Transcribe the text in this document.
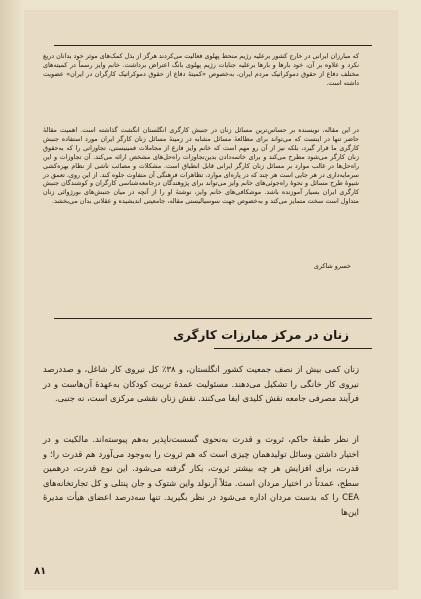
که مبارزان ایرانی در خارج کشور برعلیه رژیم منحط پهلوی فعالیت می‌کردند هرگز از بذل کمک‌های موثر خود بدانان دریغ نکرد و علاوه بر آن، خود بارها و بارها برعلیه جنایات رژیم پهلوی بانگ اعتراض برداشت. خانم وایز رسماً در کمیته‌های مختلف دفاع از حقوق دموکراتیک مردم ایران، به‌خصوص «کمیتهٔ دفاع از حقوق دموکراتیک کارگران در ایران» عضویت داشته است.
در این مقاله، نویسنده بر حساس‌ترین مسائل زنان در جنبش کارگری انگلستان انگشت گذاشته است. اهمیت مقالهٔ حاضر تنها در اینست که می‌تواند برای مطالعهٔ مسائل مشابه در زمینهٔ مسائل زنان کارگر ایران مورد استفاده جنبش کارگری ما قرار گیرد، بلکه نیز از آن رو مهم است که خانم وایز فارغ از مجاملات فمینیستی، تجاوزاتی را که به‌حقوق زنان کارگر می‌شود مطرح می‌کند و برای خاتمه‌دادن بدین‌تجاوزات راه‌حل‌های مشخص ارائه می‌کند. آن تجاوزات و این راه‌حل‌ها در غالب موارد بر مسائل زنان کارگر ایرانی قابل انطباق است. مشکلات و مصائب ناشی از نظام بهره‌کشی سرمایه‌داری در هر جایی است هر چند که در پاره‌ای موارد، تظاهرات فرهنگی آن متفاوت جلوه کند. از این روی، تعمق در شیوهٔ طرح مسائل و نحوهٔ راه‌جوئی‌های خانم وایز می‌تواند برای پژوهندگان درجامعه‌شناسی کارگران و کوشندگان جنبش کارگری ایران بسیار آموزنده باشد. موشکافی‌های خانم وایز، نوشتهٔ او را از آنچه در میان جنبش‌های بورژوائی زنان متداول است سخت متمایز می‌کند و به‌خصوص جهت سوسیالیستی مقاله، جامعیتی اندیشیده و عقلانی بدان می‌بخشد.
خسرو شاکری
زنان در مرکز مبارزات کارگری
زنان کمی بیش از نصف جمعیت کشور انگلستان، و ۳۸٪ کل نیروی کار شاغل، و صددرصد نیروی کار خانگی را تشکیل می‌دهند. مسئولیت عمدهٔ تربیت کودکان به‌عهدهٔ آن‌هاست و در فرآیند مصرفی جامعه نقش کلیدی ایفا می‌کنند. نقش زنان نقشی مرکزی است، نه جنبی.
از نظر طبقهٔ حاکم، ثروت و قدرت به‌نحوی گسست‌ناپذیر به‌هم پیوسته‌اند. مالکیت و در اختیار داشتن وسائل تولیدهمان چیزی است که هم ثروت را به‌وجود می‌آورد هم قدرت را؛ و قدرت، برای افزایش هر چه بیشتر ثروت، بکار گرفته می‌شود. این نوع قدرت، درهمین سطح، عمدتاً در اختیار مردان است. مثلاً آرنولد واین شتوک و جان پنتلی و کل تجارتخانه‌های CEA را که بدست مردان اداره می‌شود در نظر بگیرید. تنها سه‌درصد اعضای هیأت مدیرهٔ این‌ها
۸۱
